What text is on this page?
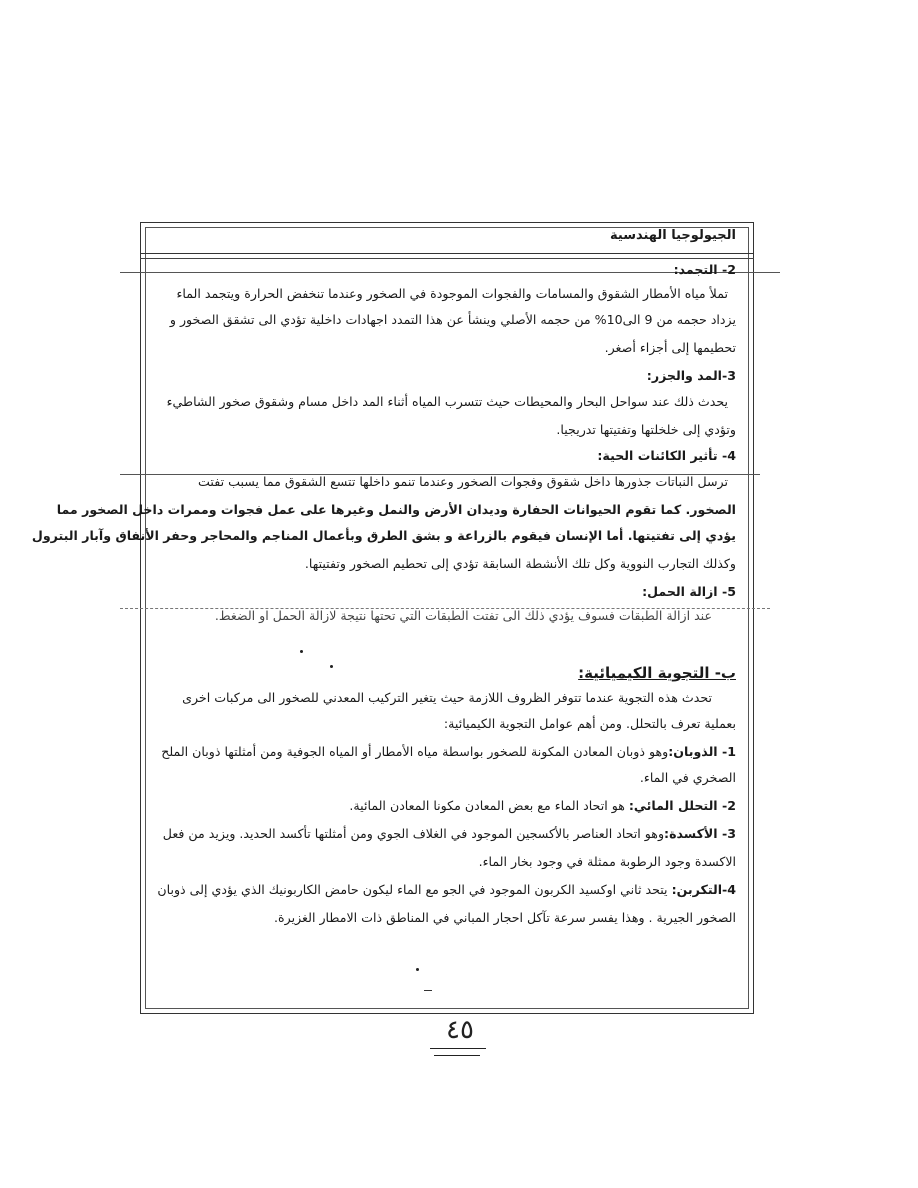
الجيولوجيا الهندسية
2- التجمد:
تملأ مياه الأمطار الشقوق والمسامات والفجوات الموجودة في الصخور وعندما تنخفض الحرارة ويتجمد الماء
يزداد حجمه من 9 الى10% من حجمه الأصلي وينشأ عن هذا التمدد اجهادات داخلية تؤدي الى تشقق الصخور و
تحطيمها إلى أجزاء أصغر.
3-المد والجزر:
يحدث ذلك عند سواحل البحار والمحيطات حيث تتسرب المياه أثناء المد داخل مسام وشقوق صخور الشاطيء
وتؤدي إلى خلخلتها وتفتيتها تدريجيا.
4- تأثير الكائنات الحية:
ترسل النباتات جذورها داخل شقوق وفجوات الصخور وعندما تنمو داخلها تتسع الشقوق مما يسبب تفتت
الصخور. كما تقوم الحيوانات الحفارة وديدان الأرض والنمل وغيرها على عمل فجوات وممرات داخل الصخور مما
يؤدي إلى تفتيتها. أما الإنسان فيقوم بالزراعة و بشق الطرق وبأعمال المناجم والمحاجر وحفر الأنفاق وآبار البترول
وكذلك التجارب النووية وكل تلك الأنشطة السابقة تؤدي إلى تحطيم الصخور وتفتيتها.
5- ازالة الحمل:
عند ازالة الطبقات فسوف يؤدي ذلك الى تفتت الطبقات التي تحتها نتيجة لازالة الحمل او الضغط.
ب- التجوية الكيميائية:
تحدث هذه التجوية عندما تتوفر الظروف اللازمة حيث يتغير التركيب المعدني للصخور الى مركبات اخرى
بعملية تعرف بالتحلل. ومن أهم عوامل التجوية الكيميائية:
1- الذوبان:وهو ذوبان المعادن المكونة للصخور بواسطة مياه الأمطار أو المياه الجوفية ومن أمثلتها ذوبان الملح
الصخري في الماء.
2- التحلل المائي: هو اتحاد الماء مع بعض المعادن مكونا المعادن المائية.
3- الأكسدة:وهو اتحاد العناصر بالأكسجين الموجود في الغلاف الجوي ومن أمثلتها تأكسد الحديد. ويزيد من فعل
الاكسدة وجود الرطوبة ممثلة في وجود بخار الماء.
4-التكربن: يتحد ثاني اوكسيد الكربون الموجود في الجو مع الماء ليكون حامض الكاربونيك الذي يؤدي إلى ذوبان
الصخور الجيرية . وهذا يفسر سرعة تآكل احجار المباني في المناطق ذات الامطار الغزيرة.
٤٥
